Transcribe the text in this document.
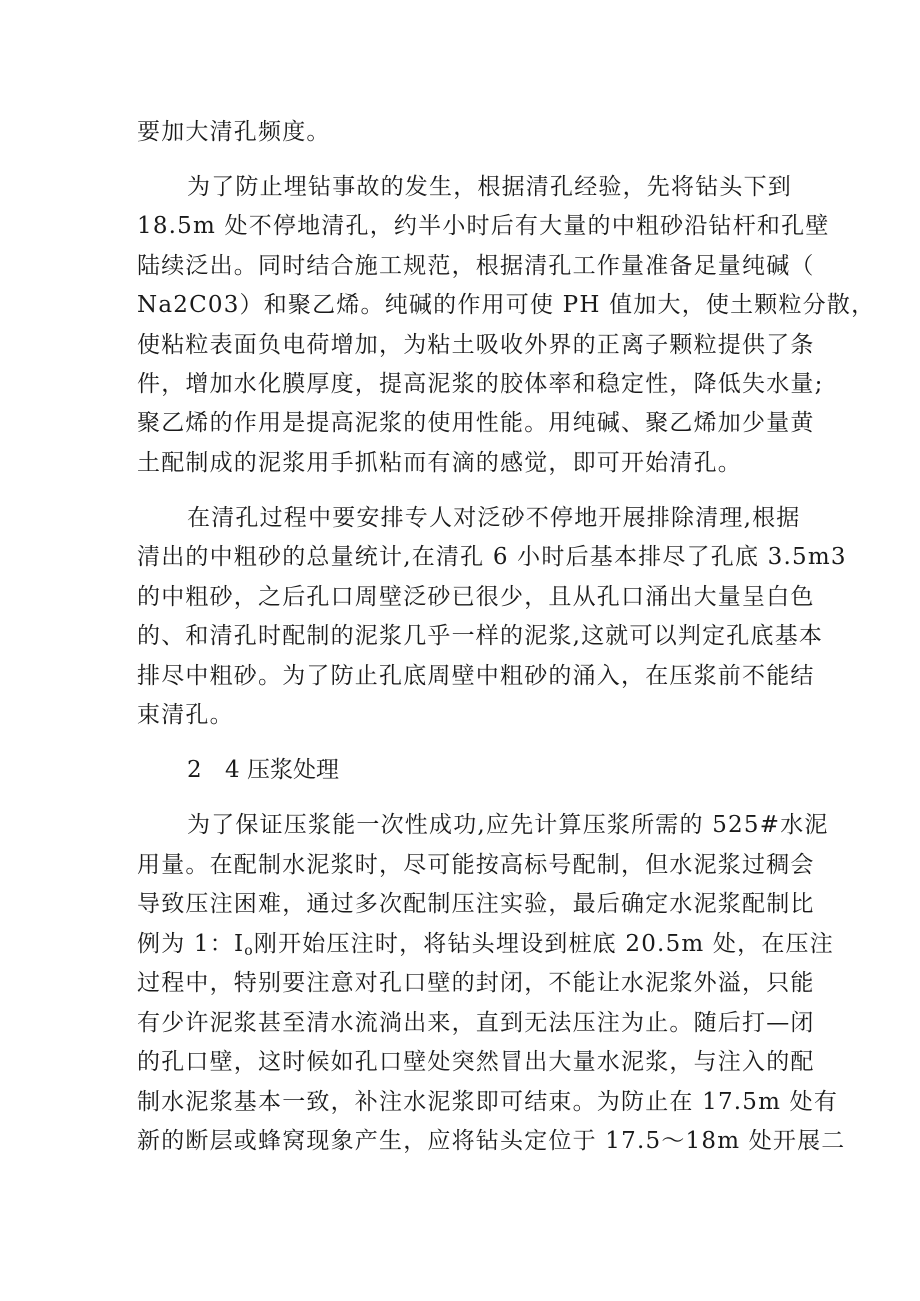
要加大清孔频度。
为了防止埋钻事故的发生，根据清孔经验，先将钻头下到
18.5m 处不停地清孔，约半小时后有大量的中粗砂沿钻杆和孔壁
陆续泛出。同时结合施工规范，根据清孔工作量准备足量纯碱（
Na2C03）和聚乙烯。纯碱的作用可使 PH 值加大，使土颗粒分散，
使粘粒表面负电荷增加，为粘土吸收外界的正离子颗粒提供了条
件，增加水化膜厚度，提高泥浆的胶体率和稳定性，降低失水量;
聚乙烯的作用是提高泥浆的使用性能。用纯碱、聚乙烯加少量黄
土配制成的泥浆用手抓粘而有滴的感觉，即可开始清孔。
在清孔过程中要安排专人对泛砂不停地开展排除清理,根据
清出的中粗砂的总量统计,在清孔 6 小时后基本排尽了孔底 3.5m3
的中粗砂，之后孔口周壁泛砂已很少，且从孔口涌出大量呈白色
的、和清孔时配制的泥浆几乎一样的泥浆,这就可以判定孔底基本
排尽中粗砂。为了防止孔底周壁中粗砂的涌入，在压浆前不能结
束清孔。
2 4 压浆处理
为了保证压浆能一次性成功,应先计算压浆所需的 525#水泥
用量。在配制水泥浆时，尽可能按高标号配制，但水泥浆过稠会
导致压注困难，通过多次配制压注实验，最后确定水泥浆配制比
例为 1：$I_o$刚开始压注时，将钻头埋设到桩底 20.5m 处，在压注
过程中，特别要注意对孔口壁的封闭，不能让水泥浆外溢，只能
有少许泥浆甚至清水流淌出来，直到无法压注为止。随后打—闭
的孔口壁，这时候如孔口壁处突然冒出大量水泥浆，与注入的配
制水泥浆基本一致，补注水泥浆即可结束。为防止在 17.5m 处有
新的断层或蜂窝现象产生，应将钻头定位于 17.5～18m 处开展二
